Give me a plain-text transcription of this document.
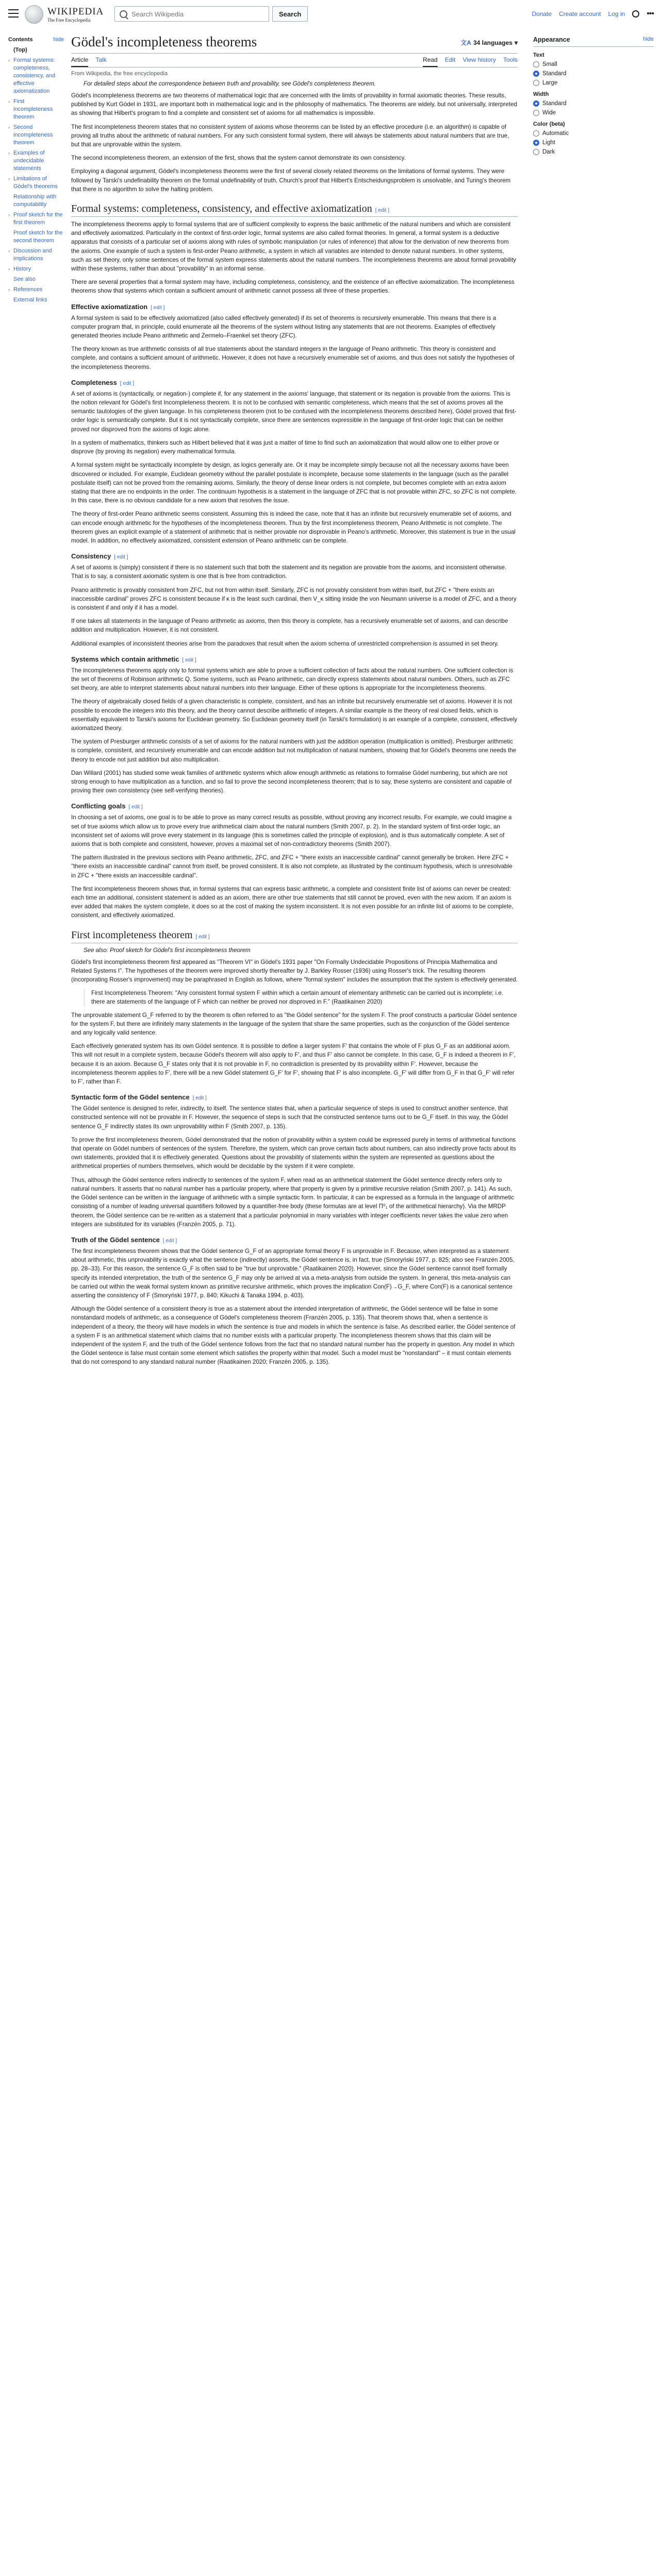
WIKIPEDIA
The Free Encyclopedia
Search Wikipedia
Search	Donate Create account Log in	•••
Contents	hide
(Top)
› Formal systems: completeness, consistency, and effective axiomatization
› First incompleteness theorem
› Second incompleteness theorem
› Examples of undecidable statements
› Limitations of Gödel's theorems
Relationship with computability
› Proof sketch for the first theorem
Proof sketch for the second theorem
› Discussion and implications
› History
See also
› References
External links
Gödel's incompleteness theorems	文A 34 languages ▾
Article Talk	Read Edit View history Tools
From Wikipedia, the free encyclopedia
For detailed steps about the correspondence between truth and provability, see Gödel's completeness theorem.

Gödel's incompleteness theorems are two theorems of mathematical logic that are concerned with the limits of provability in formal axiomatic theories. These results, published by Kurt Gödel in 1931, are important both in mathematical logic and in the philosophy of mathematics. The theorems are widely, but not universally, interpreted as showing that Hilbert's program to find a complete and consistent set of axioms for all mathematics is impossible.

The first incompleteness theorem states that no consistent system of axioms whose theorems can be listed by an effective procedure (i.e. an algorithm) is capable of proving all truths about the arithmetic of natural numbers. For any such consistent formal system, there will always be statements about natural numbers that are true, but that are unprovable within the system.

The second incompleteness theorem, an extension of the first, shows that the system cannot demonstrate its own consistency.

Employing a diagonal argument, Gödel's incompleteness theorems were the first of several closely related theorems on the limitations of formal systems. They were followed by Tarski's undefinability theorem on the formal undefinability of truth, Church's proof that Hilbert's Entscheidungsproblem is unsolvable, and Turing's theorem that there is no algorithm to solve the halting problem.

Formal systems: completeness, consistency, and effective axiomatization [ edit ]

The incompleteness theorems apply to formal systems that are of sufficient complexity to express the basic arithmetic of the natural numbers and which are consistent and effectively axiomatized. Particularly in the context of first-order logic, formal systems are also called formal theories. In general, a formal system is a deductive apparatus that consists of a particular set of axioms along with rules of symbolic manipulation (or rules of inference) that allow for the derivation of new theorems from the axioms. One example of such a system is first-order Peano arithmetic, a system in which all variables are intended to denote natural numbers. In other systems, such as set theory, only some sentences of the formal system express statements about the natural numbers. The incompleteness theorems are about formal provability within these systems, rather than about "provability" in an informal sense.

There are several properties that a formal system may have, including completeness, consistency, and the existence of an effective axiomatization. The incompleteness theorems show that systems which contain a sufficient amount of arithmetic cannot possess all three of these properties.

Effective axiomatization [ edit ]

A formal system is said to be effectively axiomatized (also called effectively generated) if its set of theorems is recursively enumerable. This means that there is a computer program that, in principle, could enumerate all the theorems of the system without listing any statements that are not theorems. Examples of effectively generated theories include Peano arithmetic and Zermelo–Fraenkel set theory (ZFC).

The theory known as true arithmetic consists of all true statements about the standard integers in the language of Peano arithmetic. This theory is consistent and complete, and contains a sufficient amount of arithmetic. However, it does not have a recursively enumerable set of axioms, and thus does not satisfy the hypotheses of the incompleteness theorems.

Completeness [ edit ]

A set of axioms is (syntactically, or negation-) complete if, for any statement in the axioms' language, that statement or its negation is provable from the axioms. This is the notion relevant for Gödel's first Incompleteness theorem. It is not to be confused with semantic completeness, which means that the set of axioms proves all the semantic tautologies of the given language. In his completeness theorem (not to be confused with the incompleteness theorems described here), Gödel proved that first-order logic is semantically complete. But it is not syntactically complete, since there are sentences expressible in the language of first-order logic that can be neither proved nor disproved from the axioms of logic alone.

In a system of mathematics, thinkers such as Hilbert believed that it was just a matter of time to find such an axiomatization that would allow one to either prove or disprove (by proving its negation) every mathematical formula.

A formal system might be syntactically incomplete by design, as logics generally are. Or it may be incomplete simply because not all the necessary axioms have been discovered or included. For example, Euclidean geometry without the parallel postulate is incomplete, because some statements in the language (such as the parallel postulate itself) can not be proved from the remaining axioms. Similarly, the theory of dense linear orders is not complete, but becomes complete with an extra axiom stating that there are no endpoints in the order. The continuum hypothesis is a statement in the language of ZFC that is not provable within ZFC, so ZFC is not complete. In this case, there is no obvious candidate for a new axiom that resolves the issue.

The theory of first-order Peano arithmetic seems consistent. Assuming this is indeed the case, note that it has an infinite but recursively enumerable set of axioms, and can encode enough arithmetic for the hypotheses of the incompleteness theorem. Thus by the first incompleteness theorem, Peano Arithmetic is not complete. The theorem gives an explicit example of a statement of arithmetic that is neither provable nor disprovable in Peano's arithmetic. Moreover, this statement is true in the usual model. In addition, no effectively axiomatized, consistent extension of Peano arithmetic can be complete.

Consistency [ edit ]

A set of axioms is (simply) consistent if there is no statement such that both the statement and its negation are provable from the axioms, and inconsistent otherwise. That is to say, a consistent axiomatic system is one that is free from contradiction.

Peano arithmetic is provably consistent from ZFC, but not from within itself. Similarly, ZFC is not provably consistent from within itself, but ZFC + "there exists an inaccessible cardinal" proves ZFC is consistent because if κ is the least such cardinal, then V_κ sitting inside the von Neumann universe is a model of ZFC, and a theory is consistent if and only if it has a model.

If one takes all statements in the language of Peano arithmetic as axioms, then this theory is complete, has a recursively enumerable set of axioms, and can describe addition and multiplication. However, it is not consistent.

Additional examples of inconsistent theories arise from the paradoxes that result when the axiom schema of unrestricted comprehension is assumed in set theory.

Systems which contain arithmetic [ edit ]

The incompleteness theorems apply only to formal systems which are able to prove a sufficient collection of facts about the natural numbers. One sufficient collection is the set of theorems of Robinson arithmetic Q. Some systems, such as Peano arithmetic, can directly express statements about natural numbers. Others, such as ZFC set theory, are able to interpret statements about natural numbers into their language. Either of these options is appropriate for the incompleteness theorems.

The theory of algebraically closed fields of a given characteristic is complete, consistent, and has an infinite but recursively enumerable set of axioms. However it is not possible to encode the integers into this theory, and the theory cannot describe arithmetic of integers. A similar example is the theory of real closed fields, which is essentially equivalent to Tarski's axioms for Euclidean geometry. So Euclidean geometry itself (in Tarski's formulation) is an example of a complete, consistent, effectively axiomatized theory.

The system of Presburger arithmetic consists of a set of axioms for the natural numbers with just the addition operation (multiplication is omitted). Presburger arithmetic is complete, consistent, and recursively enumerable and can encode addition but not multiplication of natural numbers, showing that for Gödel's theorems one needs the theory to encode not just addition but also multiplication.

Dan Willard (2001) has studied some weak families of arithmetic systems which allow enough arithmetic as relations to formalise Gödel numbering, but which are not strong enough to have multiplication as a function, and so fail to prove the second incompleteness theorem; that is to say, these systems are consistent and capable of proving their own consistency (see self-verifying theories).

Conflicting goals [ edit ]

In choosing a set of axioms, one goal is to be able to prove as many correct results as possible, without proving any incorrect results. For example, we could imagine a set of true axioms which allow us to prove every true arithmetical claim about the natural numbers (Smith 2007, p. 2). In the standard system of first-order logic, an inconsistent set of axioms will prove every statement in its language (this is sometimes called the principle of explosion), and is thus automatically complete. A set of axioms that is both complete and consistent, however, proves a maximal set of non-contradictory theorems (Smith 2007).

The pattern illustrated in the previous sections with Peano arithmetic, ZFC, and ZFC + "there exists an inaccessible cardinal" cannot generally be broken. Here ZFC + "there exists an inaccessible cardinal" cannot from itself, be proved consistent. It is also not complete, as illustrated by the continuum hypothesis, which is unresolvable in ZFC + "there exists an inaccessible cardinal".

The first incompleteness theorem shows that, in formal systems that can express basic arithmetic, a complete and consistent finite list of axioms can never be created: each time an additional, consistent statement is added as an axiom, there are other true statements that still cannot be proved, even with the new axiom. If an axiom is ever added that makes the system complete, it does so at the cost of making the system inconsistent. It is not even possible for an infinite list of axioms to be complete, consistent, and effectively axiomatized.

First incompleteness theorem [ edit ]
See also: Proof sketch for Gödel's first incompleteness theorem

Gödel's first incompleteness theorem first appeared as "Theorem VI" in Gödel's 1931 paper "On Formally Undecidable Propositions of Principia Mathematica and Related Systems I". The hypotheses of the theorem were improved shortly thereafter by J. Barkley Rosser (1936) using Rosser's trick. The resulting theorem (incorporating Rosser's improvement) may be paraphrased in English as follows, where "formal system" includes the assumption that the system is effectively generated.

First Incompleteness Theorem: "Any consistent formal system F within which a certain amount of elementary arithmetic can be carried out is incomplete; i.e. there are statements of the language of F which can neither be proved nor disproved in F." (Raatikainen 2020)

The unprovable statement G_F referred to by the theorem is often referred to as "the Gödel sentence" for the system F. The proof constructs a particular Gödel sentence for the system F, but there are infinitely many statements in the language of the system that share the same properties, such as the conjunction of the Gödel sentence and any logically valid sentence.

Each effectively generated system has its own Gödel sentence. It is possible to define a larger system F' that contains the whole of F plus G_F as an additional axiom. This will not result in a complete system, because Gödel's theorem will also apply to F', and thus F' also cannot be complete. In this case, G_F is indeed a theorem in F', because it is an axiom. Because G_F states only that it is not provable in F, no contradiction is presented by its provability within F'. However, because the incompleteness theorem applies to F', there will be a new Gödel statement G_F' for F', showing that F' is also incomplete. G_F' will differ from G_F in that G_F' will refer to F', rather than F.

Syntactic form of the Gödel sentence [ edit ]

The Gödel sentence is designed to refer, indirectly, to itself. The sentence states that, when a particular sequence of steps is used to construct another sentence, that constructed sentence will not be provable in F. However, the sequence of steps is such that the constructed sentence turns out to be G_F itself. In this way, the Gödel sentence G_F indirectly states its own unprovability within F (Smith 2007, p. 135).

To prove the first incompleteness theorem, Gödel demonstrated that the notion of provability within a system could be expressed purely in terms of arithmetical functions that operate on Gödel numbers of sentences of the system. Therefore, the system, which can prove certain facts about numbers, can also indirectly prove facts about its own statements, provided that it is effectively generated. Questions about the provability of statements within the system are represented as questions about the arithmetical properties of numbers themselves, which would be decidable by the system if it were complete.

Thus, although the Gödel sentence refers indirectly to sentences of the system F, when read as an arithmetical statement the Gödel sentence directly refers only to natural numbers. It asserts that no natural number has a particular property, where that property is given by a primitive recursive relation (Smith 2007, p. 141). As such, the Gödel sentence can be written in the language of arithmetic with a simple syntactic form. In particular, it can be expressed as a formula in the language of arithmetic consisting of a number of leading universal quantifiers followed by a quantifier-free body (these formulas are at level Π⁰₁ of the arithmetical hierarchy). Via the MRDP theorem, the Gödel sentence can be re-written as a statement that a particular polynomial in many variables with integer coefficients never takes the value zero when integers are substituted for its variables (Franzén 2005, p. 71).

Truth of the Gödel sentence [ edit ]

The first incompleteness theorem shows that the Gödel sentence G_F of an appropriate formal theory F is unprovable in F. Because, when interpreted as a statement about arithmetic, this unprovability is exactly what the sentence (indirectly) asserts, the Gödel sentence is, in fact, true (Smoryński 1977, p. 825; also see Franzén 2005, pp. 28–33). For this reason, the sentence G_F is often said to be "true but unprovable." (Raatikainen 2020). However, since the Gödel sentence cannot itself formally specify its intended interpretation, the truth of the sentence G_F may only be arrived at via a meta-analysis from outside the system. In general, this meta-analysis can be carried out within the weak formal system known as primitive recursive arithmetic, which proves the implication Con(F)→G_F, where Con(F) is a canonical sentence asserting the consistency of F (Smoryński 1977, p. 840; Kikuchi & Tanaka 1994, p. 403).

Although the Gödel sentence of a consistent theory is true as a statement about the intended interpretation of arithmetic, the Gödel sentence will be false in some nonstandard models of arithmetic, as a consequence of Gödel's completeness theorem (Franzén 2005, p. 135). That theorem shows that, when a sentence is independent of a theory, the theory will have models in which the sentence is true and models in which the sentence is false. As described earlier, the Gödel sentence of a system F is an arithmetical statement which claims that no number exists with a particular property. The incompleteness theorem shows that this claim will be independent of the system F, and the truth of the Gödel sentence follows from the fact that no standard natural number has the property in question. Any model in which the Gödel sentence is false must contain some element which satisfies the property within that model. Such a model must be "nonstandard" – it must contain elements that do not correspond to any standard natural number (Raatikainen 2020; Franzén 2005, p. 135).

Appearance	hide
Text
Small
Standard
Large
Width
Standard
Wide
Color (beta)
Automatic
Light
Dark
